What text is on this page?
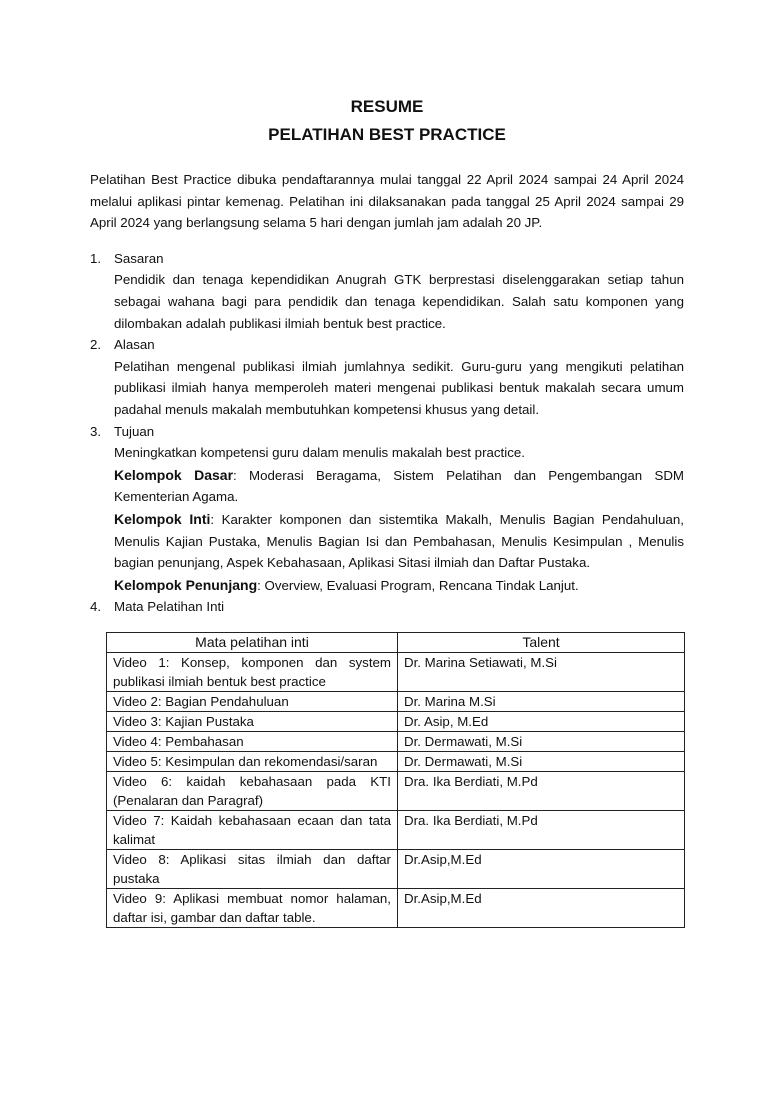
RESUME
PELATIHAN BEST PRACTICE
Pelatihan Best Practice dibuka pendaftarannya mulai tanggal 22 April 2024 sampai 24 April 2024 melalui aplikasi pintar kemenag. Pelatihan ini dilaksanakan pada tanggal 25 April 2024 sampai 29 April 2024 yang berlangsung selama 5 hari dengan jumlah jam adalah 20 JP.
1. Sasaran
Pendidik dan tenaga kependidikan Anugrah GTK berprestasi diselenggarakan setiap tahun sebagai wahana bagi para pendidik dan tenaga kependidikan. Salah satu komponen yang dilombakan adalah publikasi ilmiah bentuk best practice.
2. Alasan
Pelatihan mengenal publikasi ilmiah jumlahnya sedikit. Guru-guru yang mengikuti pelatihan publikasi ilmiah hanya memperoleh materi mengenai publikasi bentuk makalah secara umum padahal menuls makalah membutuhkan kompetensi khusus yang detail.
3. Tujuan
Meningkatkan kompetensi guru dalam menulis makalah best practice.
Kelompok Dasar: Moderasi Beragama, Sistem Pelatihan dan Pengembangan SDM Kementerian Agama.
Kelompok Inti: Karakter komponen dan sistemtika Makalh, Menulis Bagian Pendahuluan, Menulis Kajian Pustaka, Menulis Bagian Isi dan Pembahasan, Menulis Kesimpulan , Menulis bagian penunjang, Aspek Kebahasaan, Aplikasi Sitasi ilmiah dan Daftar Pustaka.
Kelompok Penunjang: Overview, Evaluasi Program, Rencana Tindak Lanjut.
4. Mata Pelatihan Inti
Mata pelatihan inti	Talent
Video 1: Konsep, komponen dan system publikasi ilmiah bentuk best practice	Dr. Marina Setiawati, M.Si
Video 2: Bagian Pendahuluan	Dr. Marina M.Si
Video 3: Kajian Pustaka	Dr. Asip, M.Ed
Video 4: Pembahasan	Dr. Dermawati, M.Si
Video 5: Kesimpulan dan rekomendasi/saran	Dr. Dermawati, M.Si
Video 6: kaidah kebahasaan pada KTI (Penalaran dan Paragraf)	Dra. Ika Berdiati, M.Pd
Video 7: Kaidah kebahasaan ecaan dan tata kalimat	Dra. Ika Berdiati, M.Pd
Video 8: Aplikasi sitas ilmiah dan daftar pustaka	Dr.Asip,M.Ed
Video 9: Aplikasi membuat nomor halaman, daftar isi, gambar dan daftar table.	Dr.Asip,M.Ed
